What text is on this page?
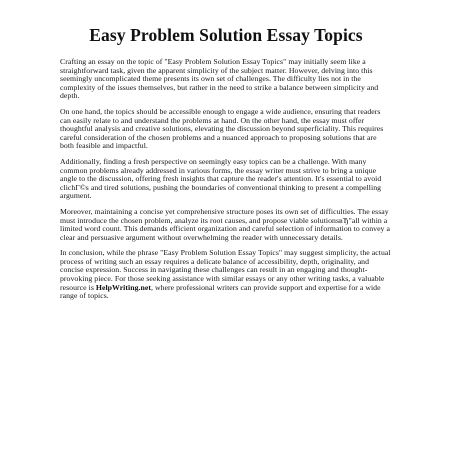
Easy Problem Solution Essay Topics

Crafting an essay on the topic of "Easy Problem Solution Essay Topics" may initially seem like a straightforward task, given the apparent simplicity of the subject matter. However, delving into this seemingly uncomplicated theme presents its own set of challenges. The difficulty lies not in the complexity of the issues themselves, but rather in the need to strike a balance between simplicity and depth.

On one hand, the topics should be accessible enough to engage a wide audience, ensuring that readers can easily relate to and understand the problems at hand. On the other hand, the essay must offer thoughtful analysis and creative solutions, elevating the discussion beyond superficiality. This requires careful consideration of the chosen problems and a nuanced approach to proposing solutions that are both feasible and impactful.

Additionally, finding a fresh perspective on seemingly easy topics can be a challenge. With many common problems already addressed in various forms, the essay writer must strive to bring a unique angle to the discussion, offering fresh insights that capture the reader's attention. It's essential to avoid clichГ©s and tired solutions, pushing the boundaries of conventional thinking to present a compelling argument.

Moreover, maintaining a concise yet comprehensive structure poses its own set of difficulties. The essay must introduce the chosen problem, analyze its root causes, and propose viable solutionsвЂ"all within a limited word count. This demands efficient organization and careful selection of information to convey a clear and persuasive argument without overwhelming the reader with unnecessary details.

In conclusion, while the phrase "Easy Problem Solution Essay Topics" may suggest simplicity, the actual process of writing such an essay requires a delicate balance of accessibility, depth, originality, and concise expression. Success in navigating these challenges can result in an engaging and thought-provoking piece. For those seeking assistance with similar essays or any other writing tasks, a valuable resource is HelpWriting.net, where professional writers can provide support and expertise for a wide range of topics.
